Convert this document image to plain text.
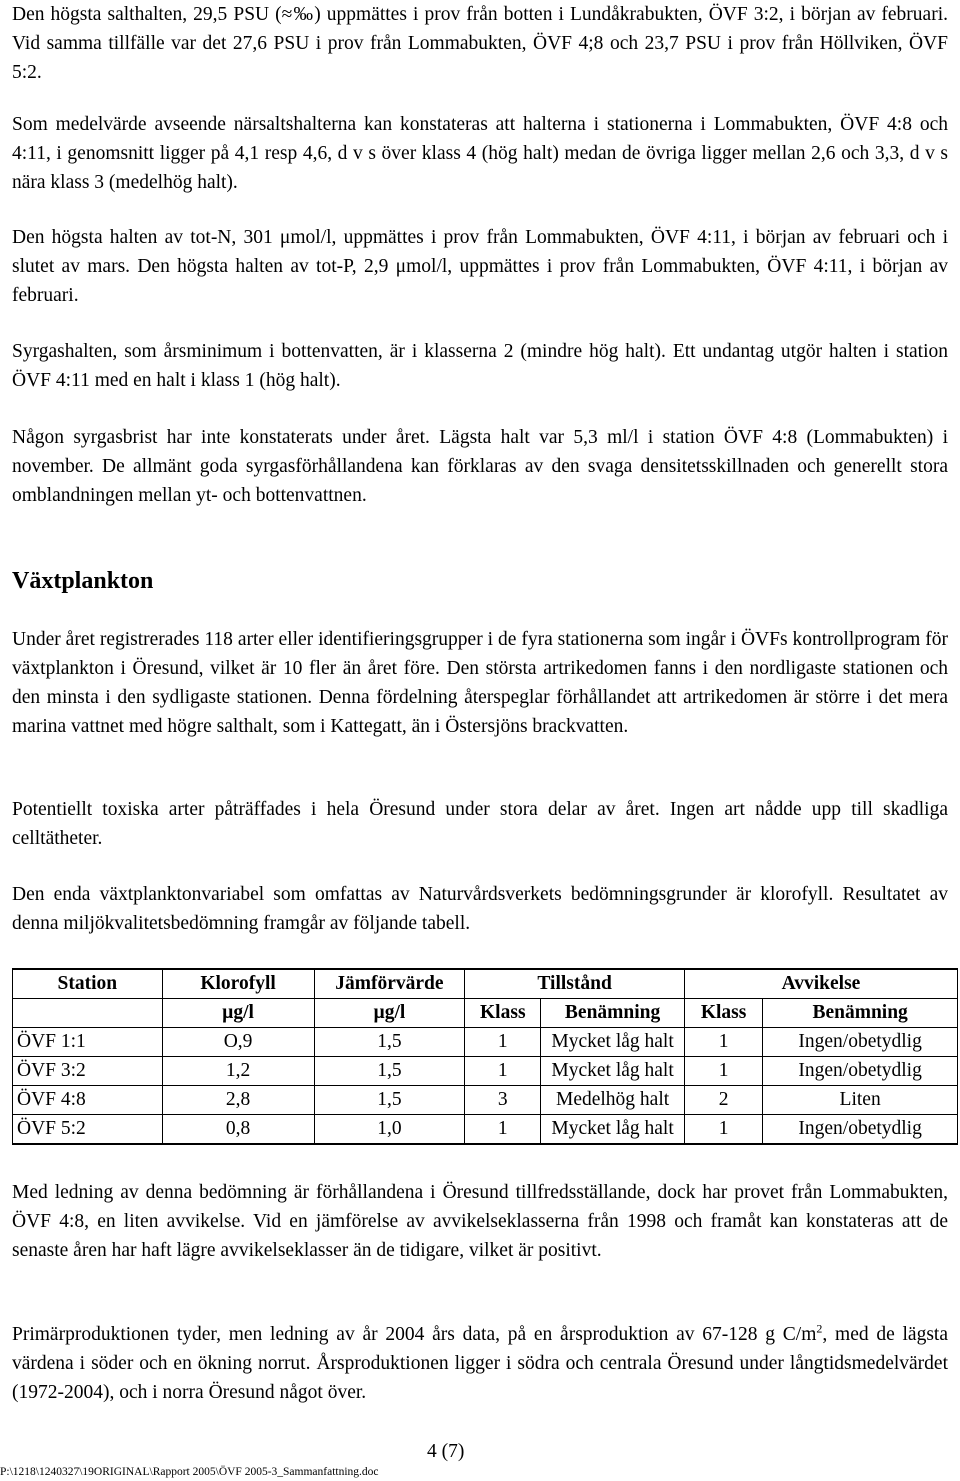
Den högsta salthalten, 29,5 PSU (≈‰) uppmättes i prov från botten i Lundåkrabukten, ÖVF 3:2, i början av februari. Vid samma tillfälle var det 27,6 PSU i prov från Lommabukten, ÖVF 4;8 och 23,7 PSU i prov från Höllviken, ÖVF 5:2.

Som medelvärde avseende närsaltshalterna kan konstateras att halterna i stationerna i Lommabukten, ÖVF 4:8 och 4:11, i genomsnitt ligger på 4,1 resp 4,6, d v s över klass 4 (hög halt) medan de övriga ligger mellan 2,6 och 3,3, d v s nära klass 3 (medelhög halt).

Den högsta halten av tot-N, 301 μmol/l, uppmättes i prov från Lommabukten, ÖVF 4:11, i början av februari och i slutet av mars. Den högsta halten av tot-P, 2,9 μmol/l, uppmättes i prov från Lommabukten, ÖVF 4:11, i början av februari.

Syrgashalten, som årsminimum i bottenvatten, är i klasserna 2 (mindre hög halt). Ett undantag utgör halten i station ÖVF 4:11 med en halt i klass 1 (hög halt).

Någon syrgasbrist har inte konstaterats under året. Lägsta halt var 5,3 ml/l i station ÖVF 4:8 (Lommabukten) i november. De allmänt goda syrgasförhållandena kan förklaras av den svaga densitetsskillnaden och generellt stora omblandningen mellan yt- och bottenvattnen.

Växtplankton

Under året registrerades 118 arter eller identifieringsgrupper i de fyra stationerna som ingår i ÖVFs kontrollprogram för växtplankton i Öresund, vilket är 10 fler än året före. Den största artrikedomen fanns i den nordligaste stationen och den minsta i den sydligaste stationen. Denna fördelning återspeglar förhållandet att artrikedomen är större i det mera marina vattnet med högre salthalt, som i Kattegatt, än i Östersjöns brackvatten.

Potentiellt toxiska arter påträffades i hela Öresund under stora delar av året. Ingen art nådde upp till skadliga celltätheter.

Den enda växtplanktonvariabel som omfattas av Naturvårdsverkets bedömningsgrunder är klorofyll. Resultatet av denna miljökvalitetsbedömning framgår av följande tabell.

Station	Klorofyll	Jämförvärde	Tillstånd		Avvikelse	
	µg/l	µg/l	Klass	Benämning	Klass	Benämning
ÖVF 1:1	O,9	1,5	1	Mycket låg halt	1	Ingen/obetydlig
ÖVF 3:2	1,2	1,5	1	Mycket låg halt	1	Ingen/obetydlig
ÖVF 4:8	2,8	1,5	3	Medelhög halt	2	Liten
ÖVF 5:2	0,8	1,0	1	Mycket låg halt	1	Ingen/obetydlig

Med ledning av denna bedömning är förhållandena i Öresund tillfredsställande, dock har provet från Lommabukten, ÖVF 4:8, en liten avvikelse. Vid en jämförelse av avvikelseklasserna från 1998 och framåt kan konstateras att de senaste åren har haft lägre avvikelseklasser än de tidigare, vilket är positivt.

Primärproduktionen tyder, men ledning av år 2004 års data, på en årsproduktion av 67-128 g $C/m^2$, med de lägsta värdena i söder och en ökning norrut. Årsproduktionen ligger i södra och centrala Öresund under långtidsmedelvärdet (1972-2004), och i norra Öresund något över.

4 (7)
P:\1218\1240327\19ORIGINAL\Rapport 2005\ÖVF 2005-3_Sammanfattning.doc
